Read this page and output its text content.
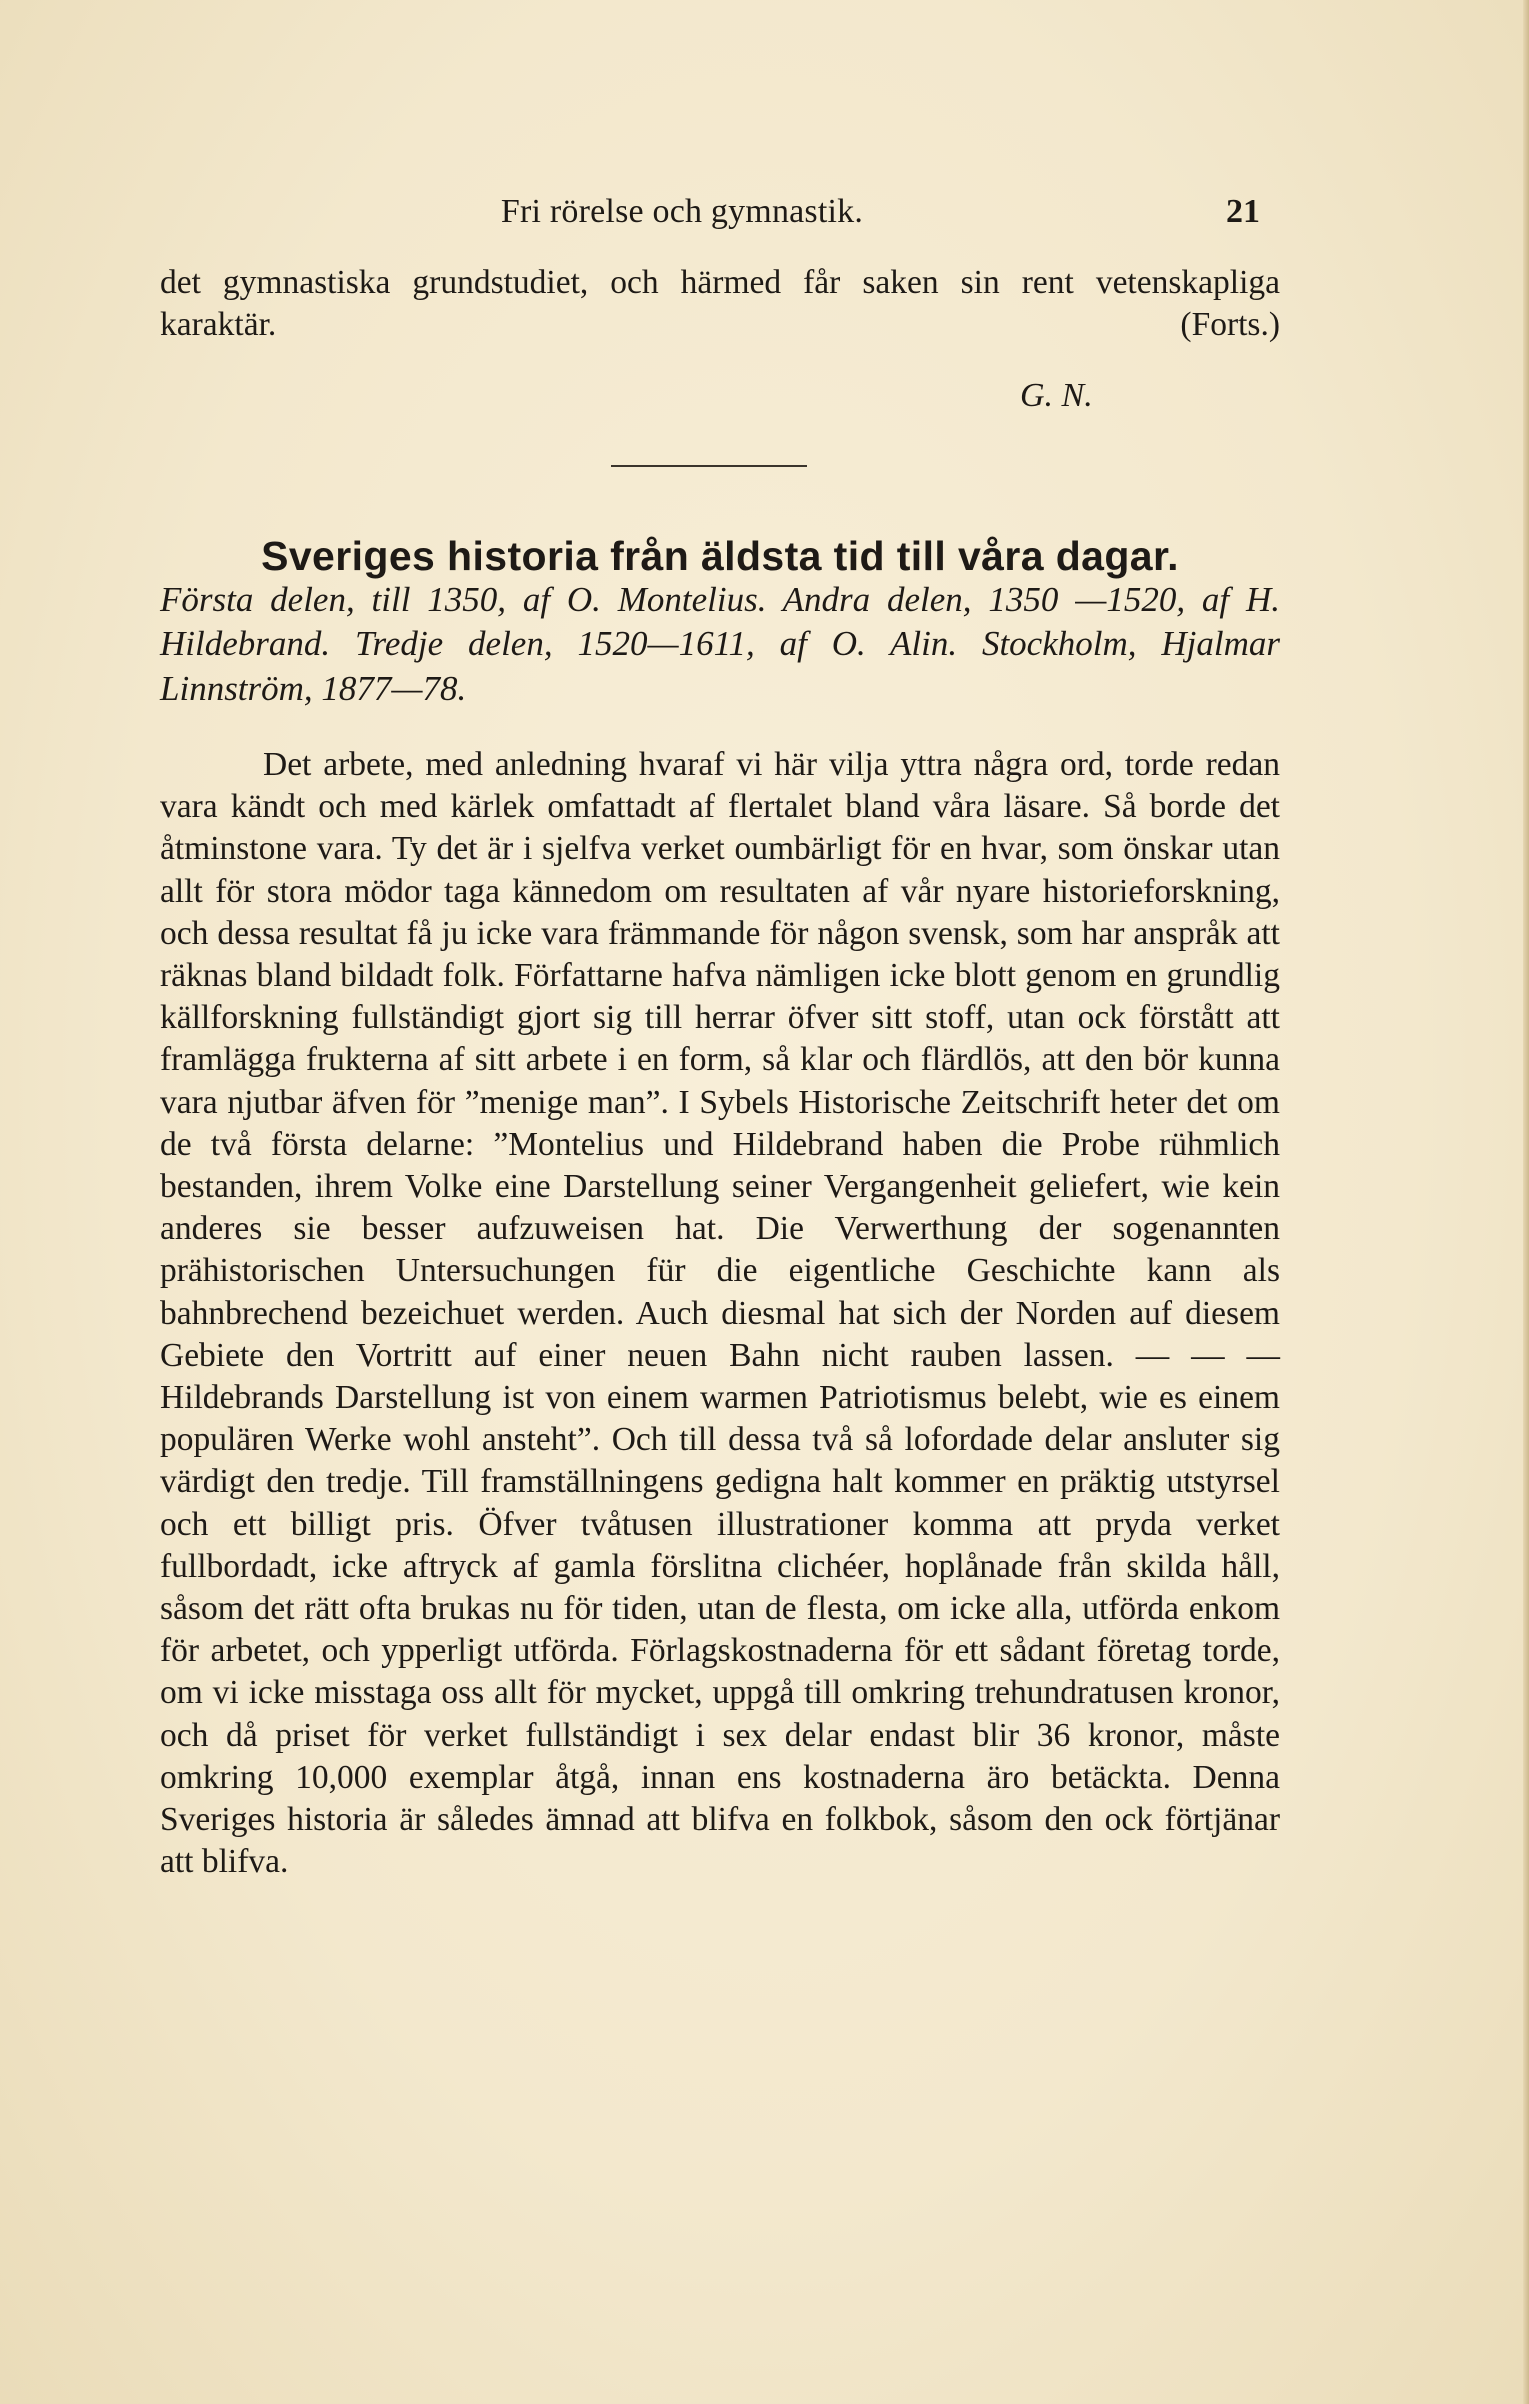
Fri rörelse och gymnastik.	21

det gymnastiska grundstudiet, och härmed får saken sin rent vetenskapliga karaktär.	(Forts.)

G. N.
Sveriges historia från äldsta tid till våra dagar.

Första delen, till 1350, af O. Montelius. Andra delen, 1350 —1520, af H. Hildebrand. Tredje delen, 1520—1611, af O. Alin. Stockholm, Hjalmar Linnström, 1877—78.

Det arbete, med anledning hvaraf vi här vilja yttra några ord, torde redan vara kändt och med kärlek omfattadt af flertalet bland våra läsare. Så borde det åtminstone vara. Ty det är i sjelfva verket oumbärligt för en hvar, som önskar utan allt för stora mödor taga kännedom om resultaten af vår nyare historieforskning, och dessa resultat få ju icke vara främmande för någon svensk, som har anspråk att räknas bland bildadt folk. Författarne hafva nämligen icke blott genom en grundlig källforskning fullständigt gjort sig till herrar öfver sitt stoff, utan ock förstått att framlägga frukterna af sitt arbete i en form, så klar och flärdlös, att den bör kunna vara njutbar äfven för ”menige man”. I Sybels Historische Zeitschrift heter det om de två första delarne: ”Montelius und Hildebrand haben die Probe rühmlich bestanden, ihrem Volke eine Darstellung seiner Vergangenheit geliefert, wie kein anderes sie besser aufzuweisen hat. Die Verwerthung der sogenannten prähistorischen Untersuchungen für die eigentliche Geschichte kann als bahnbrechend bezeichuet werden. Auch diesmal hat sich der Norden auf diesem Gebiete den Vortritt auf einer neuen Bahn nicht rauben lassen. — — — Hildebrands Darstellung ist von einem warmen Patriotismus belebt, wie es einem populären Werke wohl ansteht”. Och till dessa två så lofordade delar ansluter sig värdigt den tredje. Till framställningens gedigna halt kommer en präktig utstyrsel och ett billigt pris. Öfver tvåtusen illustrationer komma att pryda verket fullbordadt, icke aftryck af gamla förslitna clichéer, hoplånade från skilda håll, såsom det rätt ofta brukas nu för tiden, utan de flesta, om icke alla, utförda enkom för arbetet, och ypperligt utförda. Förlagskostnaderna för ett sådant företag torde, om vi icke misstaga oss allt för mycket, uppgå till omkring trehundratusen kronor, och då priset för verket fullständigt i sex delar endast blir 36 kronor, måste omkring 10,000 exemplar åtgå, innan ens kostnaderna äro betäckta. Denna Sveriges historia är således ämnad att blifva en folkbok, såsom den ock förtjänar att blifva.
